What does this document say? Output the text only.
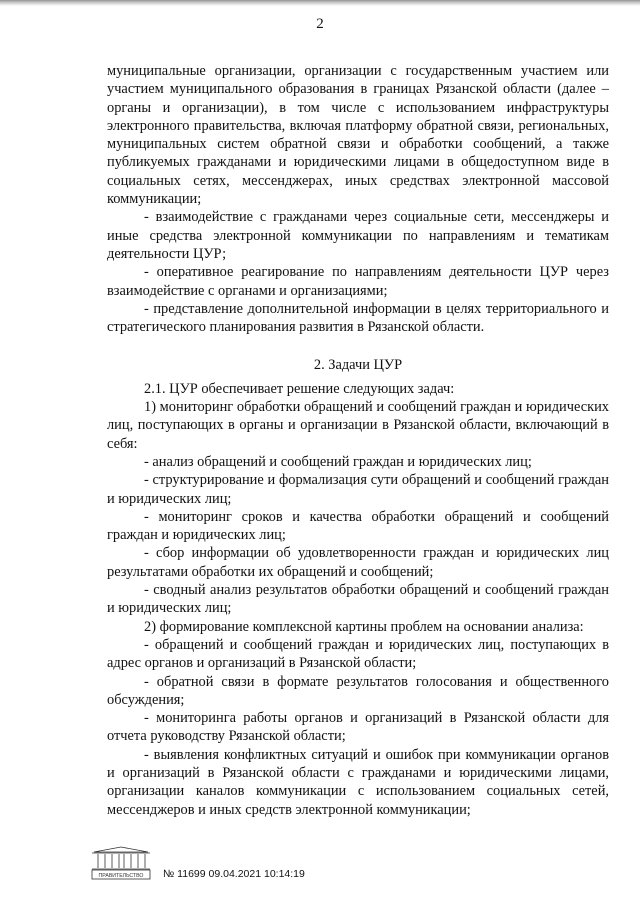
2

муниципальные организации, организации с государственным участием или участием муниципального образования в границах Рязанской области (далее – органы и организации), в том числе с использованием инфраструктуры электронного правительства, включая платформу обратной связи, региональных, муниципальных систем обратной связи и обработки сообщений, а также публикуемых гражданами и юридическими лицами в общедоступном виде в социальных сетях, мессенджерах, иных средствах электронной массовой коммуникации;

- взаимодействие с гражданами через социальные сети, мессенджеры и иные средства электронной коммуникации по направлениям и тематикам деятельности ЦУР;

- оперативное реагирование по направлениям деятельности ЦУР через взаимодействие с органами и организациями;

- представление дополнительной информации в целях территориального и стратегического планирования развития в Рязанской области.

2. Задачи ЦУР

2.1. ЦУР обеспечивает решение следующих задач:

1) мониторинг обработки обращений и сообщений граждан и юридических лиц, поступающих в органы и организации в Рязанской области, включающий в себя:

- анализ обращений и сообщений граждан и юридических лиц;

- структурирование и формализация сути обращений и сообщений граждан и юридических лиц;

- мониторинг сроков и качества обработки обращений и сообщений граждан и юридических лиц;

- сбор информации об удовлетворенности граждан и юридических лиц результатами обработки их обращений и сообщений;

- сводный анализ результатов обработки обращений и сообщений граждан и юридических лиц;

2) формирование комплексной картины проблем на основании анализа:

- обращений и сообщений граждан и юридических лиц, поступающих в адрес органов и организаций в Рязанской области;

- обратной связи в формате результатов голосования и общественного обсуждения;

- мониторинга работы органов и организаций в Рязанской области для отчета руководству Рязанской области;

- выявления конфликтных ситуаций и ошибок при коммуникации органов и организаций в Рязанской области с гражданами и юридическими лицами, организации каналов коммуникации с использованием социальных сетей, мессенджеров и иных средств электронной коммуникации;

ПРАВИТЕЛЬСТВО № 11699 09.04.2021 10:14:19
